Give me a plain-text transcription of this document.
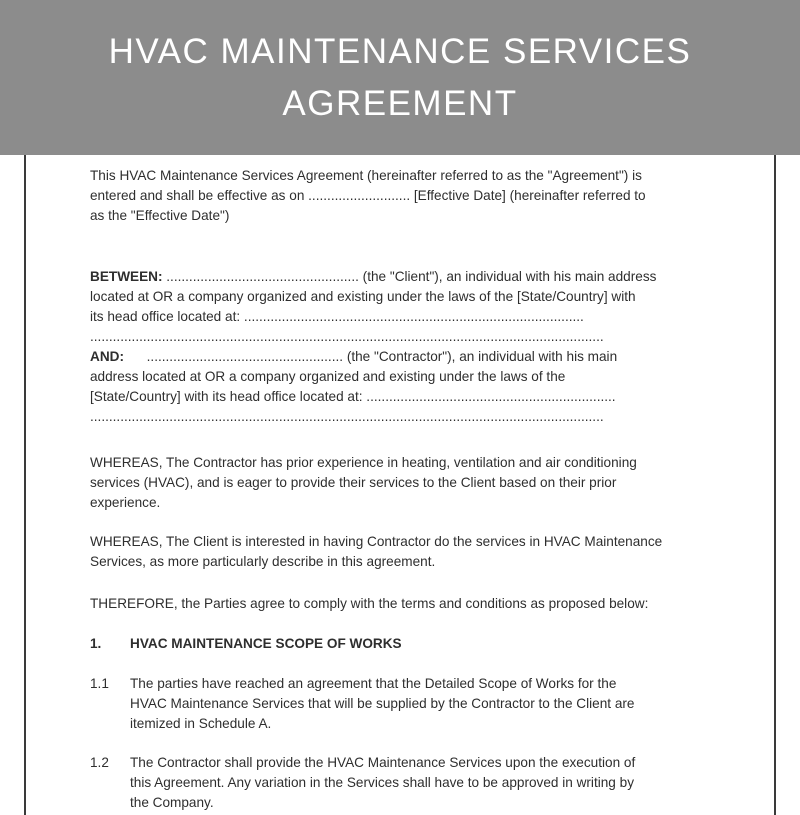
HVAC MAINTENANCE SERVICES
AGREEMENT
This HVAC Maintenance Services Agreement (hereinafter referred to as the "Agreement") is
entered and shall be effective as on ........................... [Effective Date] (hereinafter referred to
as the "Effective Date")
BETWEEN: ................................................... (the "Client"), an individual with his main address
located at OR a company organized and existing under the laws of the [State/Country] with
its head office located at: ..........................................................................................
........................................................................................................................................
AND:      .................................................... (the "Contractor"), an individual with his main
address located at OR a company organized and existing under the laws of the
[State/Country] with its head office located at: ..................................................................
........................................................................................................................................
WHEREAS, The Contractor has prior experience in heating, ventilation and air conditioning
services (HVAC), and is eager to provide their services to the Client based on their prior
experience.
WHEREAS, The Client is interested in having Contractor do the services in HVAC Maintenance
Services, as more particularly describe in this agreement.
THEREFORE, the Parties agree to comply with the terms and conditions as proposed below:
1. HVAC MAINTENANCE SCOPE OF WORKS
1.1 The parties have reached an agreement that the Detailed Scope of Works for the
HVAC Maintenance Services that will be supplied by the Contractor to the Client are
itemized in Schedule A.
1.2 The Contractor shall provide the HVAC Maintenance Services upon the execution of
this Agreement. Any variation in the Services shall have to be approved in writing by
the Company.
